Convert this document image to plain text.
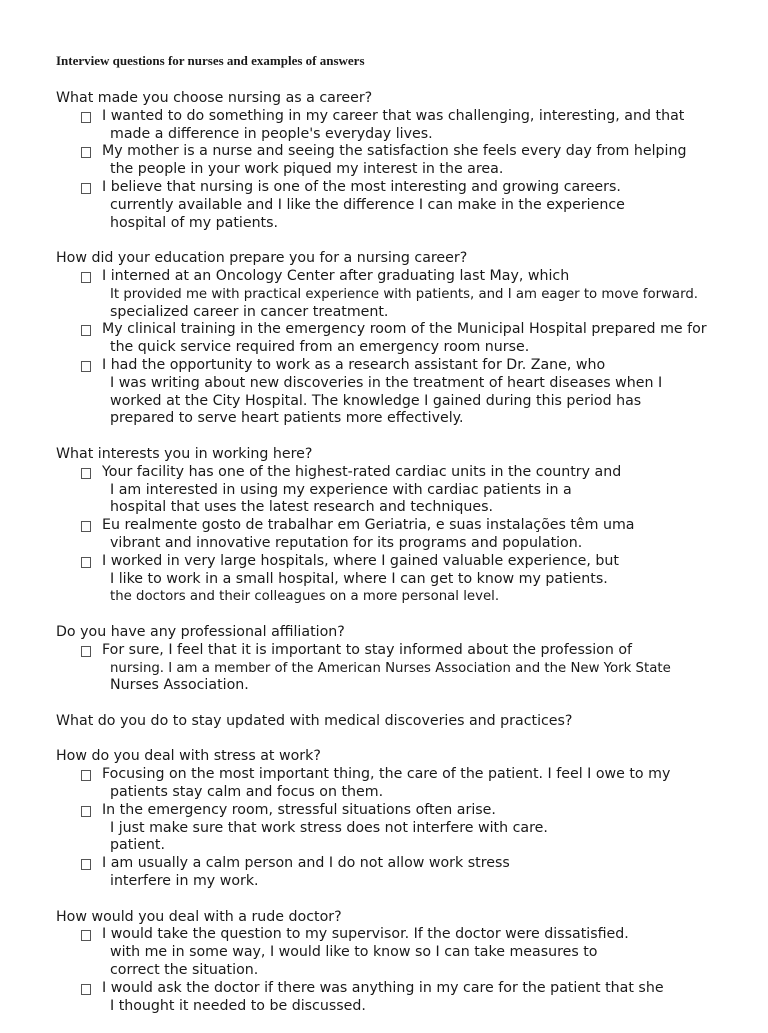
Interview questions for nurses and examples of answers

What made you choose nursing as a career?

I wanted to do something in my career that was challenging, interesting, and that
made a difference in people's everyday lives.
My mother is a nurse and seeing the satisfaction she feels every day from helping
the people in your work piqued my interest in the area.
I believe that nursing is one of the most interesting and growing careers.
currently available and I like the difference I can make in the experience
hospital of my patients.

How did your education prepare you for a nursing career?

I interned at an Oncology Center after graduating last May, which
It provided me with practical experience with patients, and I am eager to move forward.
specialized career in cancer treatment.
My clinical training in the emergency room of the Municipal Hospital prepared me for
the quick service required from an emergency room nurse.
I had the opportunity to work as a research assistant for Dr. Zane, who
I was writing about new discoveries in the treatment of heart diseases when I
worked at the City Hospital. The knowledge I gained during this period has
prepared to serve heart patients more effectively.

What interests you in working here?

Your facility has one of the highest-rated cardiac units in the country and
I am interested in using my experience with cardiac patients in a
hospital that uses the latest research and techniques.
Eu realmente gosto de trabalhar em Geriatria, e suas instalações têm uma
vibrant and innovative reputation for its programs and population.
I worked in very large hospitals, where I gained valuable experience, but
I like to work in a small hospital, where I can get to know my patients.
the doctors and their colleagues on a more personal level.

Do you have any professional affiliation?

For sure, I feel that it is important to stay informed about the profession of
nursing. I am a member of the American Nurses Association and the New York State
Nurses Association.

What do you do to stay updated with medical discoveries and practices?

How do you deal with stress at work?

Focusing on the most important thing, the care of the patient. I feel I owe to my
patients stay calm and focus on them.
In the emergency room, stressful situations often arise.
I just make sure that work stress does not interfere with care.
patient.
I am usually a calm person and I do not allow work stress
interfere in my work.

How would you deal with a rude doctor?

I would take the question to my supervisor. If the doctor were dissatisfied.
with me in some way, I would like to know so I can take measures to
correct the situation.
I would ask the doctor if there was anything in my care for the patient that she
I thought it needed to be discussed.
